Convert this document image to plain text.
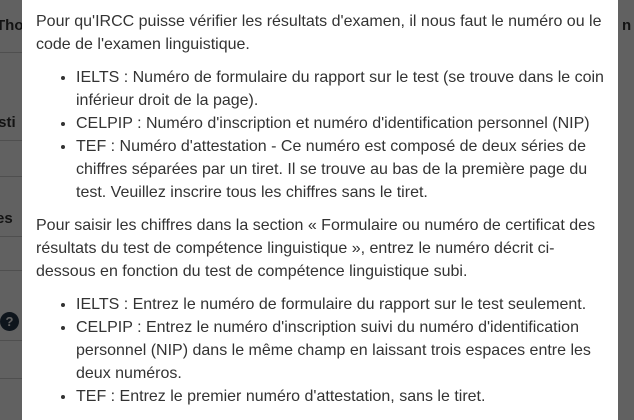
Pour qu'IRCC puisse vérifier les résultats d'examen, il nous faut le numéro ou le code de l'examen linguistique.

• IELTS : Numéro de formulaire du rapport sur le test (se trouve dans le coin inférieur droit de la page).
• CELPIP : Numéro d'inscription et numéro d'identification personnel (NIP)
• TEF : Numéro d'attestation - Ce numéro est composé de deux séries de chiffres séparées par un tiret. Il se trouve au bas de la première page du test. Veuillez inscrire tous les chiffres sans le tiret.

Pour saisir les chiffres dans la section « Formulaire ou numéro de certificat des résultats du test de compétence linguistique », entrez le numéro décrit ci-dessous en fonction du test de compétence linguistique subi.

• IELTS : Entrez le numéro de formulaire du rapport sur le test seulement.
• CELPIP : Entrez le numéro d'inscription suivi du numéro d'identification personnel (NIP) dans le même champ en laissant trois espaces entre les deux numéros.
• TEF : Entrez le premier numéro d'attestation, sans le tiret.
